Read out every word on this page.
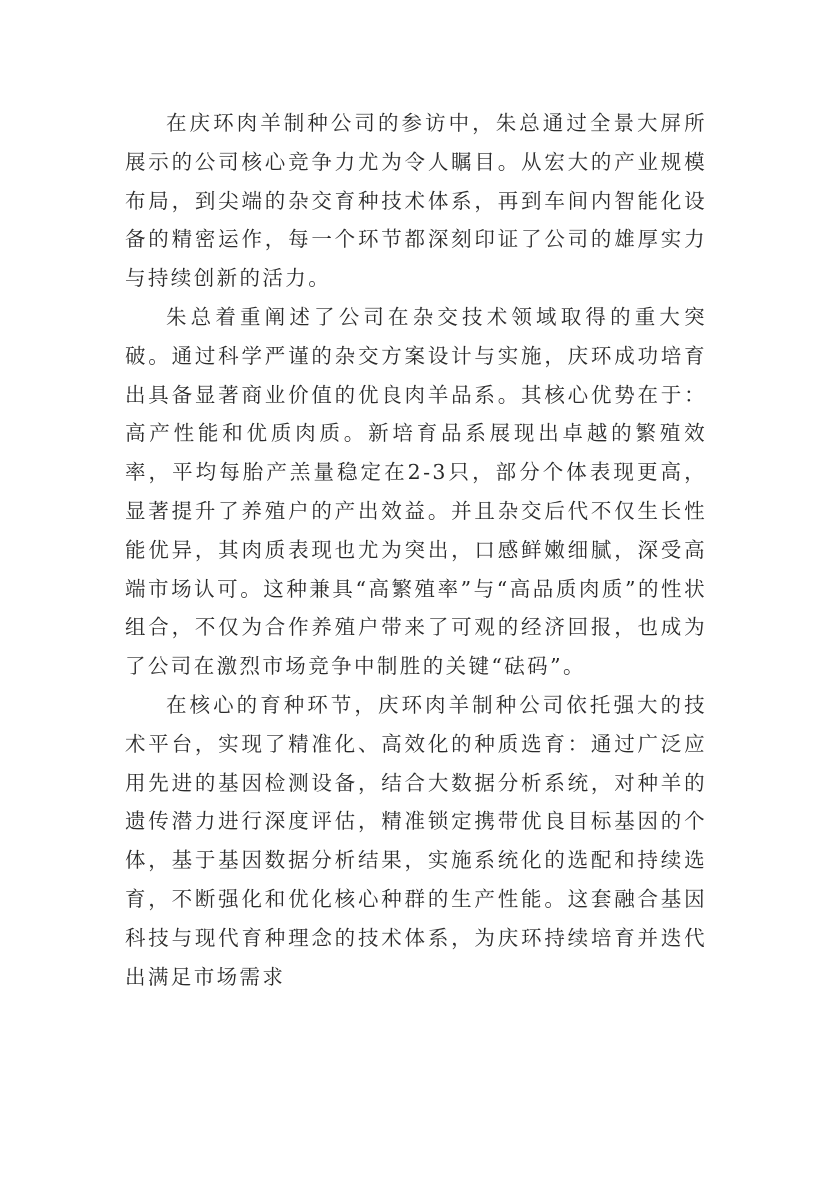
在庆环肉羊制种公司的参访中，朱总通过全景大屏所展示的公司核心竞争力尤为令人瞩目。从宏大的产业规模布局，到尖端的杂交育种技术体系，再到车间内智能化设备的精密运作，每一个环节都深刻印证了公司的雄厚实力与持续创新的活力。

朱总着重阐述了公司在杂交技术领域取得的重大突破。通过科学严谨的杂交方案设计与实施，庆环成功培育出具备显著商业价值的优良肉羊品系。其核心优势在于：高产性能和优质肉质。新培育品系展现出卓越的繁殖效率，平均每胎产羔量稳定在2-3只，部分个体表现更高，显著提升了养殖户的产出效益。并且杂交后代不仅生长性能优异，其肉质表现也尤为突出，口感鲜嫩细腻，深受高端市场认可。这种兼具“高繁殖率”与“高品质肉质”的性状组合，不仅为合作养殖户带来了可观的经济回报，也成为了公司在激烈市场竞争中制胜的关键“砝码”。

在核心的育种环节，庆环肉羊制种公司依托强大的技术平台，实现了精准化、高效化的种质选育：通过广泛应用先进的基因检测设备，结合大数据分析系统，对种羊的遗传潜力进行深度评估，精准锁定携带优良目标基因的个体，基于基因数据分析结果，实施系统化的选配和持续选育，不断强化和优化核心种群的生产性能。这套融合基因科技与现代育种理念的技术体系，为庆环持续培育并迭代出满足市场需求
